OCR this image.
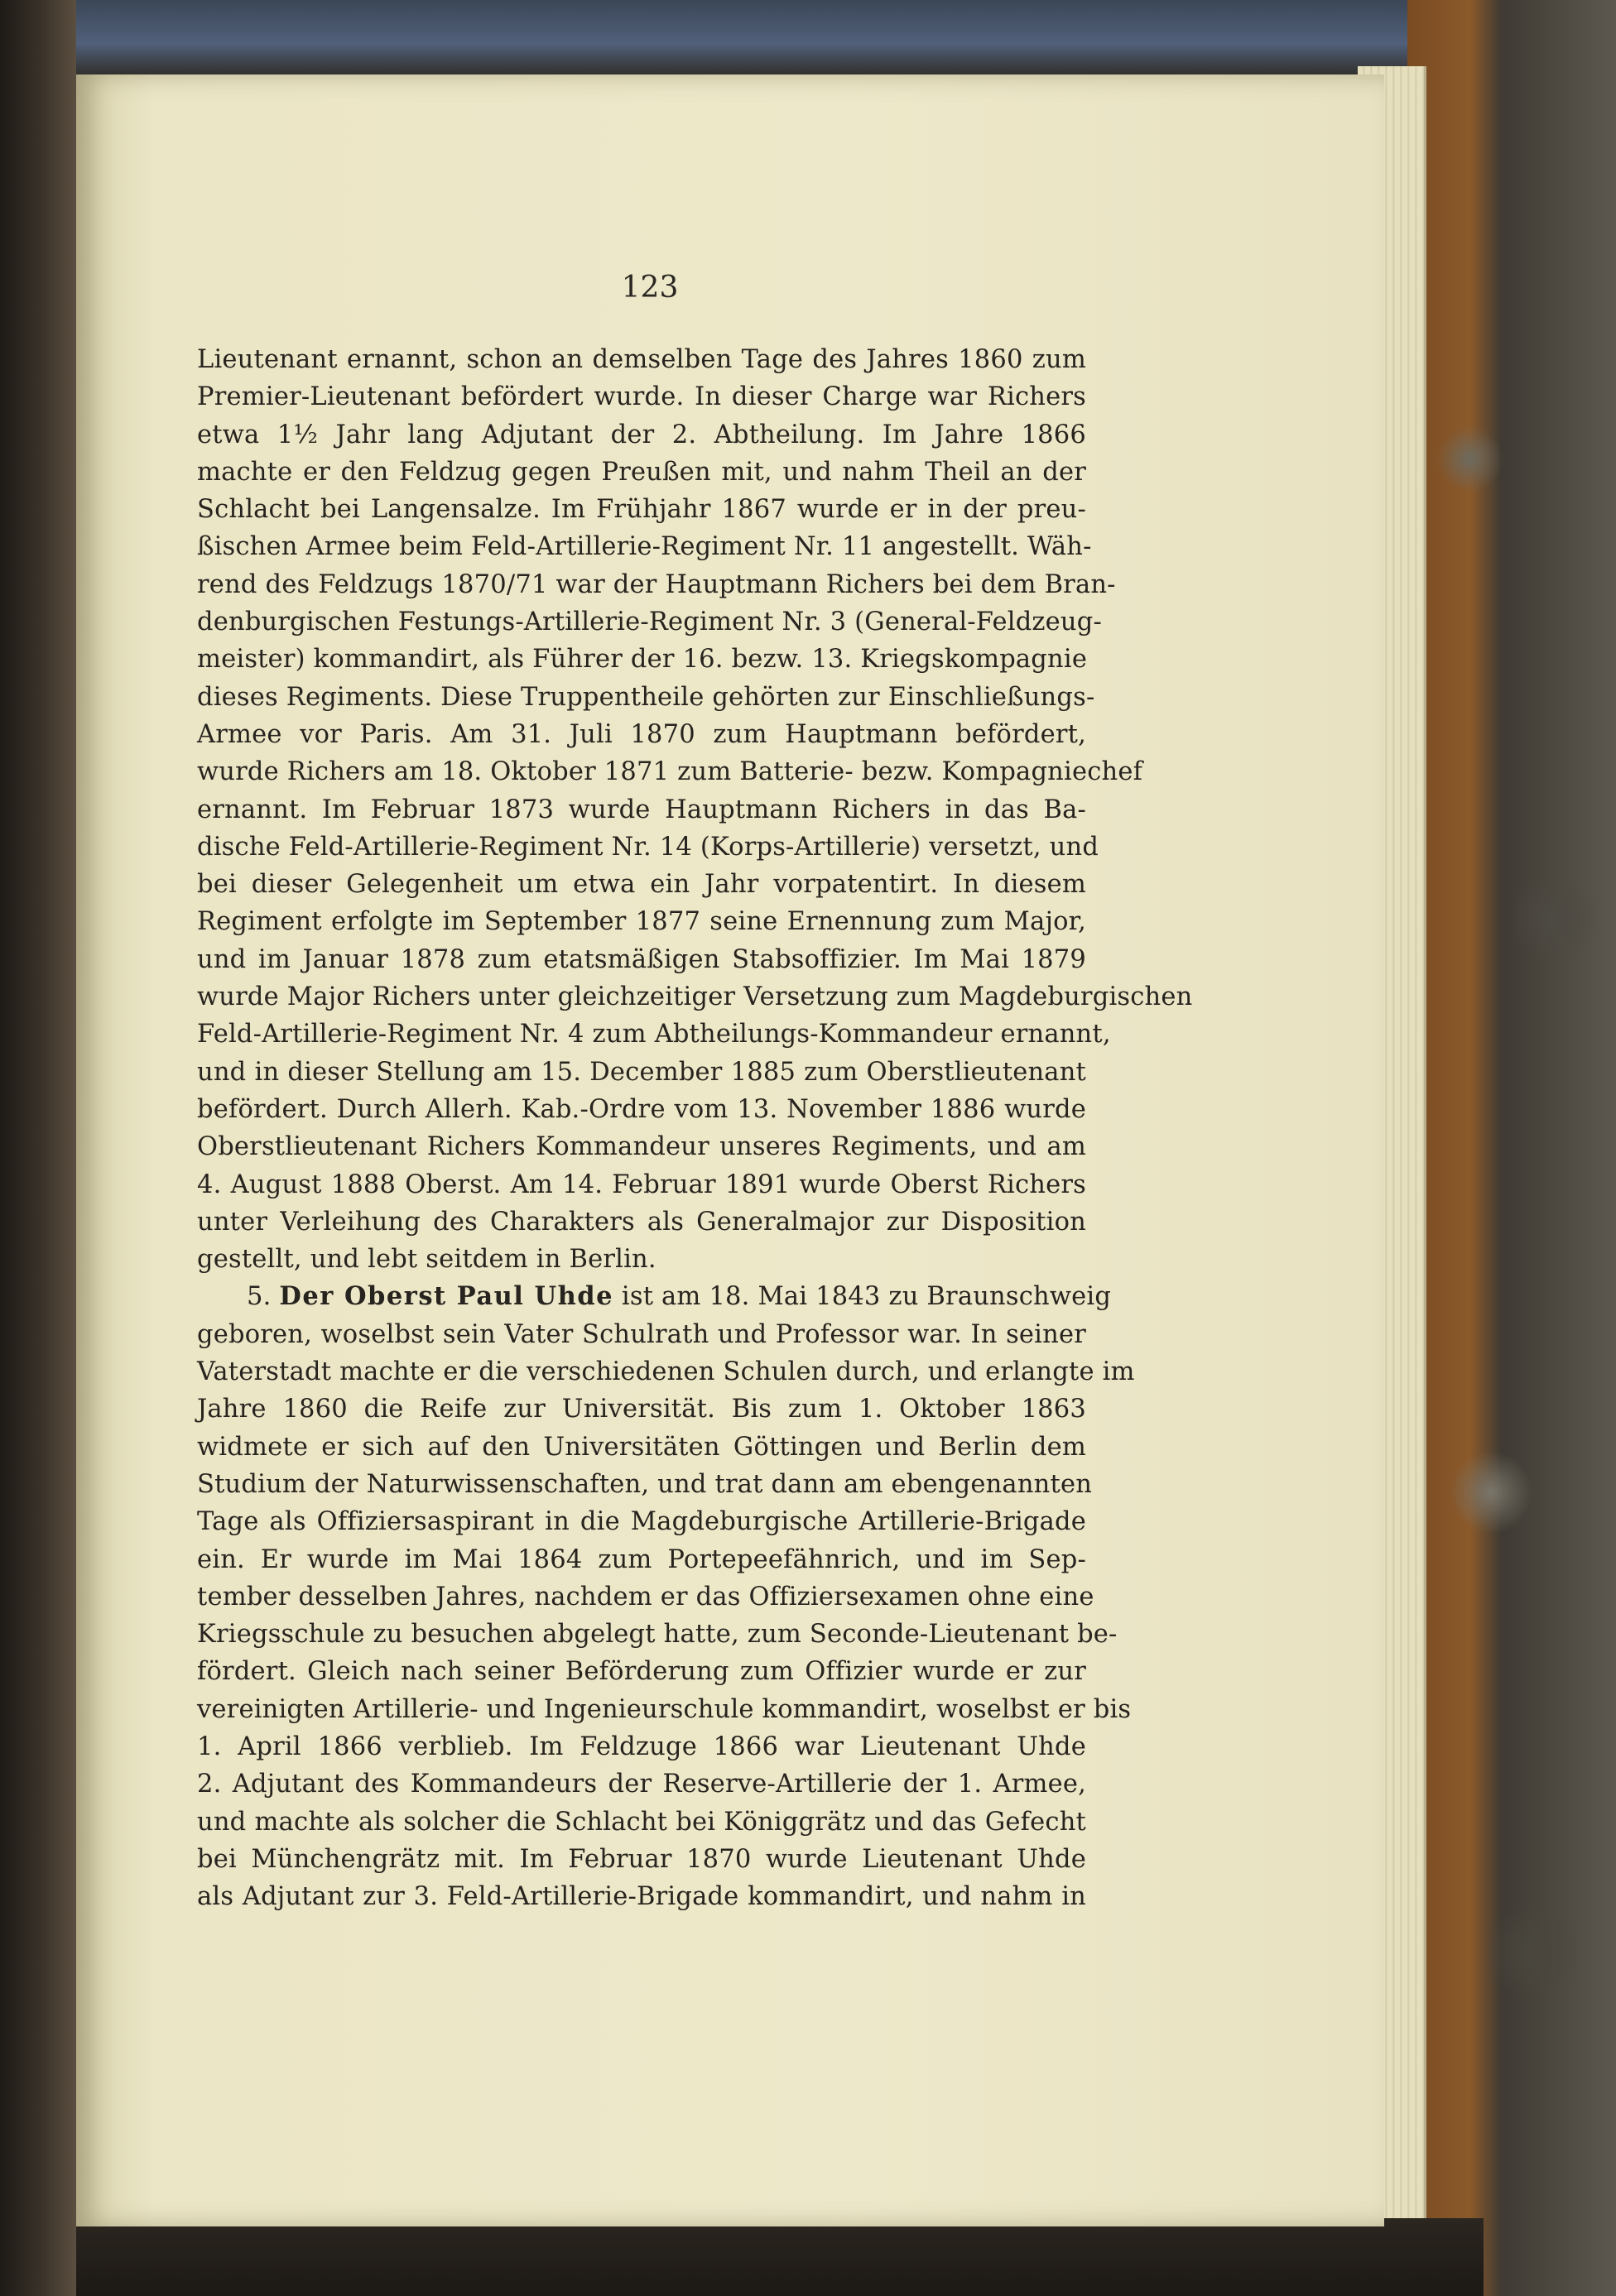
123
Lieutenant ernannt, schon an demselben Tage des Jahres 1860 zum
Premier-Lieutenant befördert wurde. In dieser Charge war Richers
etwa 1½ Jahr lang Adjutant der 2. Abtheilung. Im Jahre 1866
machte er den Feldzug gegen Preußen mit, und nahm Theil an der
Schlacht bei Langensalze. Im Frühjahr 1867 wurde er in der preu-
ßischen Armee beim Feld-Artillerie-Regiment Nr. 11 angestellt. Wäh-
rend des Feldzugs 1870/71 war der Hauptmann Richers bei dem Bran-
denburgischen Festungs-Artillerie-Regiment Nr. 3 (General-Feldzeug-
meister) kommandirt, als Führer der 16. bezw. 13. Kriegskompagnie
dieses Regiments. Diese Truppentheile gehörten zur Einschließungs-
Armee vor Paris. Am 31. Juli 1870 zum Hauptmann befördert,
wurde Richers am 18. Oktober 1871 zum Batterie- bezw. Kompagniechef
ernannt. Im Februar 1873 wurde Hauptmann Richers in das Ba-
dische Feld-Artillerie-Regiment Nr. 14 (Korps-Artillerie) versetzt, und
bei dieser Gelegenheit um etwa ein Jahr vorpatentirt. In diesem
Regiment erfolgte im September 1877 seine Ernennung zum Major,
und im Januar 1878 zum etatsmäßigen Stabsoffizier. Im Mai 1879
wurde Major Richers unter gleichzeitiger Versetzung zum Magdeburgischen
Feld-Artillerie-Regiment Nr. 4 zum Abtheilungs-Kommandeur ernannt,
und in dieser Stellung am 15. December 1885 zum Oberstlieutenant
befördert. Durch Allerh. Kab.-Ordre vom 13. November 1886 wurde
Oberstlieutenant Richers Kommandeur unseres Regiments, und am
4. August 1888 Oberst. Am 14. Februar 1891 wurde Oberst Richers
unter Verleihung des Charakters als Generalmajor zur Disposition
gestellt, und lebt seitdem in Berlin.
5. Der Oberst Paul Uhde ist am 18. Mai 1843 zu Braunschweig
geboren, woselbst sein Vater Schulrath und Professor war. In seiner
Vaterstadt machte er die verschiedenen Schulen durch, und erlangte im
Jahre 1860 die Reife zur Universität. Bis zum 1. Oktober 1863
widmete er sich auf den Universitäten Göttingen und Berlin dem
Studium der Naturwissenschaften, und trat dann am ebengenannten
Tage als Offiziersaspirant in die Magdeburgische Artillerie-Brigade
ein. Er wurde im Mai 1864 zum Portepeefähnrich, und im Sep-
tember desselben Jahres, nachdem er das Offiziersexamen ohne eine
Kriegsschule zu besuchen abgelegt hatte, zum Seconde-Lieutenant be-
fördert. Gleich nach seiner Beförderung zum Offizier wurde er zur
vereinigten Artillerie- und Ingenieurschule kommandirt, woselbst er bis
1. April 1866 verblieb. Im Feldzuge 1866 war Lieutenant Uhde
2. Adjutant des Kommandeurs der Reserve-Artillerie der 1. Armee,
und machte als solcher die Schlacht bei Königgrätz und das Gefecht
bei Münchengrätz mit. Im Februar 1870 wurde Lieutenant Uhde
als Adjutant zur 3. Feld-Artillerie-Brigade kommandirt, und nahm in
